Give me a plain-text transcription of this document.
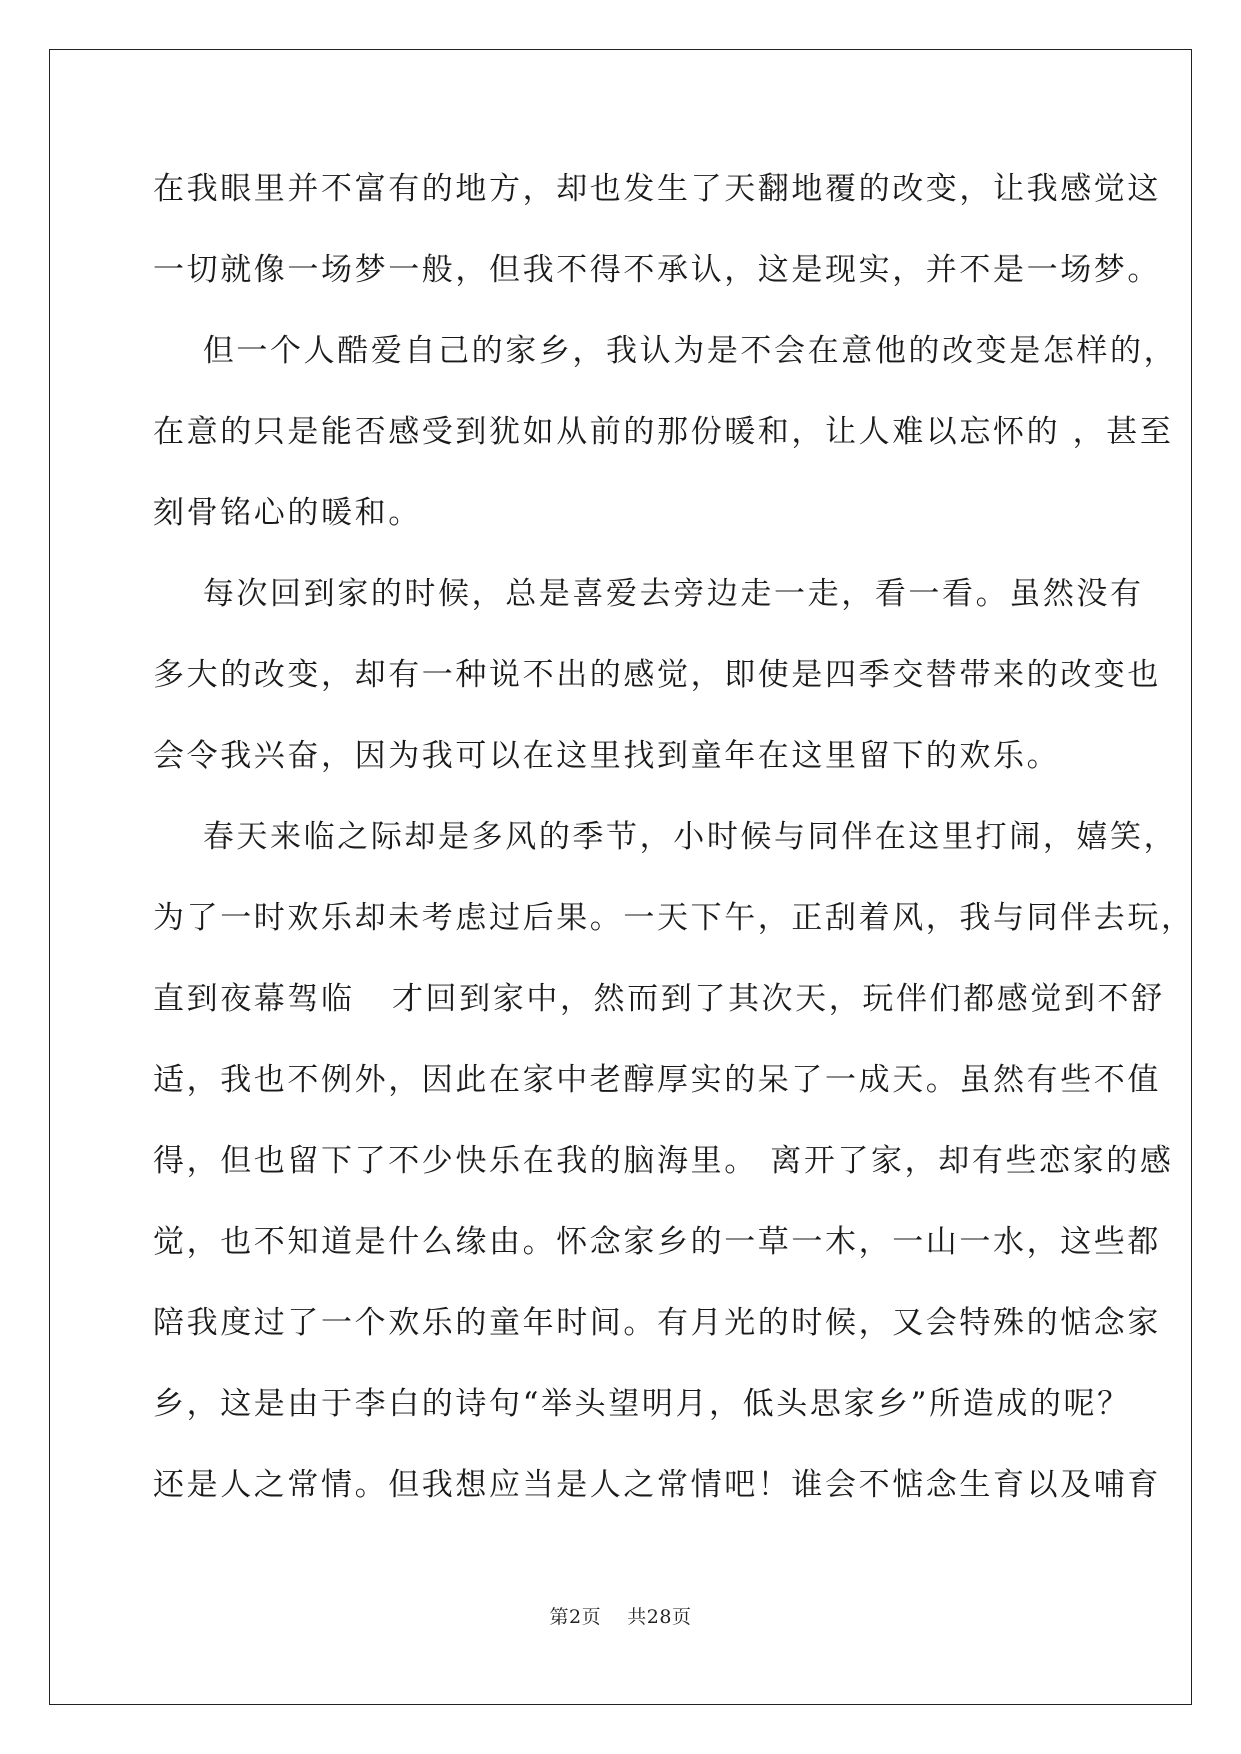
在我眼里并不富有的地方，却也发生了天翻地覆的改变，让我感觉这
一切就像一场梦一般，但我不得不承认，这是现实，并不是一场梦。
但一个人酷爱自己的家乡，我认为是不会在意他的改变是怎样的，
在意的只是能否感受到犹如从前的那份暖和，让人难以忘怀的 ，甚至
刻骨铭心的暖和。
每次回到家的时候，总是喜爱去旁边走一走，看一看。虽然没有
多大的改变，却有一种说不出的感觉，即使是四季交替带来的改变也
会令我兴奋，因为我可以在这里找到童年在这里留下的欢乐。
春天来临之际却是多风的季节，小时候与同伴在这里打闹，嬉笑，
为了一时欢乐却未考虑过后果。一天下午，正刮着风，我与同伴去玩，
直到夜幕驾临   才回到家中，然而到了其次天，玩伴们都感觉到不舒
适，我也不例外，因此在家中老醇厚实的呆了一成天。虽然有些不值
得，但也留下了不少快乐在我的脑海里。 离开了家，却有些恋家的感
觉，也不知道是什么缘由。怀念家乡的一草一木，一山一水，这些都
陪我度过了一个欢乐的童年时间。有月光的时候，又会特殊的惦念家
乡，这是由于李白的诗句“举头望明月，低头思家乡”所造成的呢？
还是人之常情。但我想应当是人之常情吧！谁会不惦念生育以及哺育
第2页    共28页
